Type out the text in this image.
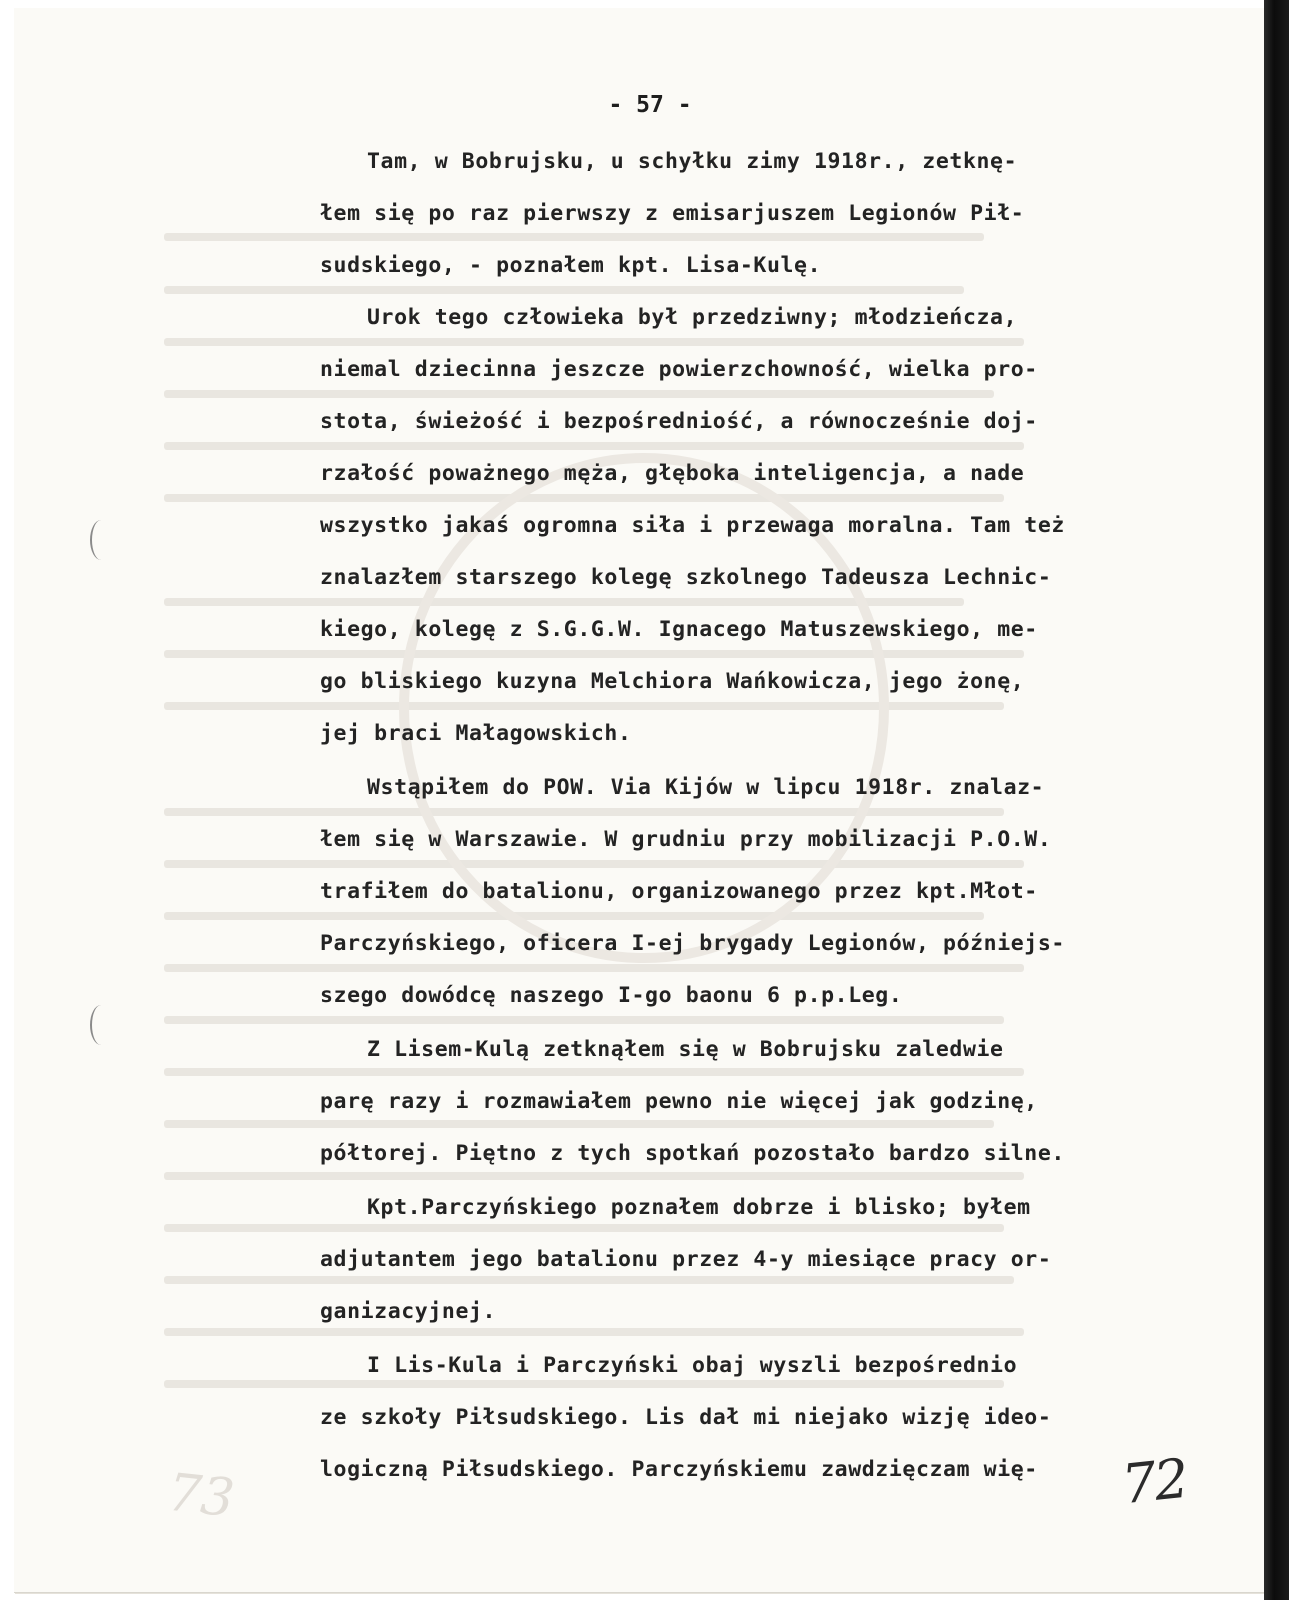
- 57 -
Tam, w Bobrujsku, u schyłku zimy 1918r., zetknę-
łem się po raz pierwszy z emisarjuszem Legionów Pił-
sudskiego, - poznałem kpt. Lisa-Kulę.
Urok tego człowieka był przedziwny; młodzieńcza,
niemal dziecinna jeszcze powierzchowność, wielka pro-
stota, świeżość i bezpośredniość, a równocześnie doj-
rzałość poważnego męża, głęboka inteligencja, a nade
wszystko jakaś ogromna siła i przewaga moralna. Tam też
znalazłem starszego kolegę szkolnego Tadeusza Lechnic-
kiego, kolegę z S.G.G.W. Ignacego Matuszewskiego, me-
go bliskiego kuzyna Melchiora Wańkowicza, jego żonę,
jej braci Małagowskich.
Wstąpiłem do POW. Via Kijów w lipcu 1918r. znalaz-
łem się w Warszawie. W grudniu przy mobilizacji P.O.W.
trafiłem do batalionu, organizowanego przez kpt.Młot-
Parczyńskiego, oficera I-ej brygady Legionów, późniejs-
szego dowódcę naszego I-go baonu 6 p.p.Leg.
Z Lisem-Kulą zetknąłem się w Bobrujsku zaledwie
parę razy i rozmawiałem pewno nie więcej jak godzinę,
półtorej. Piętno z tych spotkań pozostało bardzo silne.
Kpt.Parczyńskiego poznałem dobrze i blisko; byłem
adjutantem jego batalionu przez 4-y miesiące pracy or-
ganizacyjnej.
I Lis-Kula i Parczyński obaj wyszli bezpośrednio
ze szkoły Piłsudskiego. Lis dał mi niejako wizję ideo-
logiczną Piłsudskiego. Parczyńskiemu zawdzięczam wię-
73	72
